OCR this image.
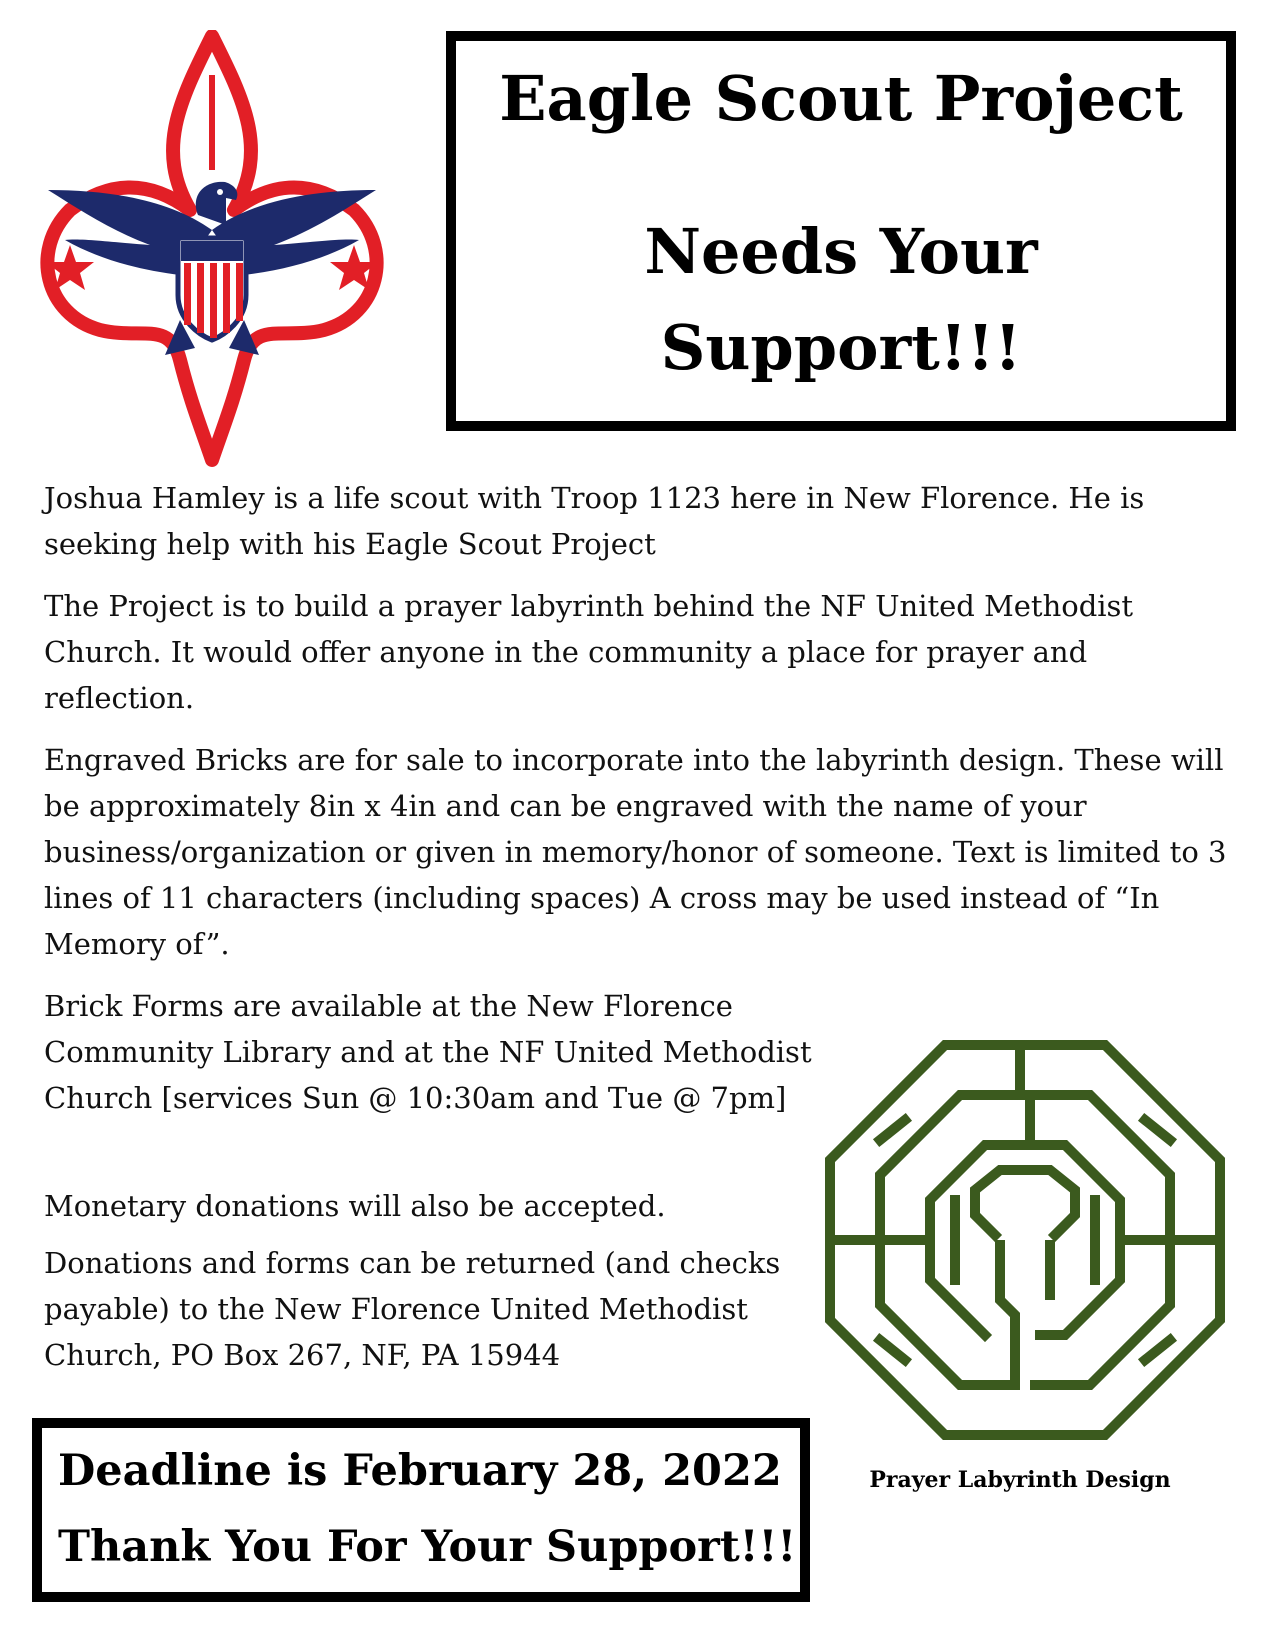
Eagle Scout Project
Needs Your
Support!!!

Joshua Hamley is a life scout with Troop 1123 here in New Florence. He is seeking help with his Eagle Scout Project

The Project is to build a prayer labyrinth behind the NF United Methodist Church. It would offer anyone in the community a place for prayer and reflection.

Engraved Bricks are for sale to incorporate into the labyrinth design. These will be approximately 8in x 4in and can be engraved with the name of your business/organization or given in memory/honor of someone. Text is limited to 3 lines of 11 characters (including spaces) A cross may be used instead of “In Memory of”.

Brick Forms are available at the New Florence Community Library and at the NF United Methodist Church [services Sun @ 10:30am and Tue @ 7pm]

Monetary donations will also be accepted.

Donations and forms can be returned (and checks payable) to the New Florence United Methodist Church, PO Box 267, NF, PA 15944

Prayer Labyrinth Design
Deadline is February 28, 2022
Thank You For Your Support!!!
